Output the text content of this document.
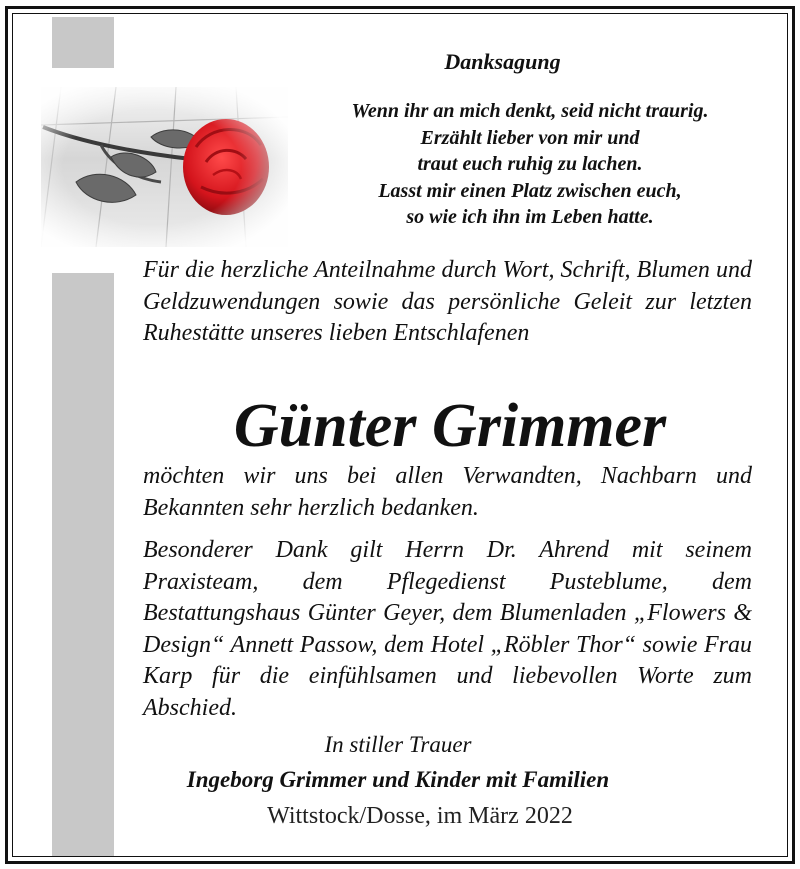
Danksagung
Wenn ihr an mich denkt, seid nicht traurig.
Erzählt lieber von mir und
traut euch ruhig zu lachen.
Lasst mir einen Platz zwischen euch,
so wie ich ihn im Leben hatte.
Für die herzliche Anteilnahme durch Wort, Schrift, Blumen und Geldzuwendungen sowie das persönliche Geleit zur letzten Ruhestätte unseres lieben Entschlafenen
Günter Grimmer
möchten wir uns bei allen Verwandten, Nachbarn und Bekannten sehr herzlich bedanken.
Besonderer Dank gilt Herrn Dr. Ahrend mit seinem Praxisteam, dem Pflegedienst Pusteblume, dem Bestattungshaus Günter Geyer, dem Blumenladen „Flowers & Design“ Annett Passow, dem Hotel „Röbler Thor“ sowie Frau Karp für die einfühlsamen und liebevollen Worte zum Abschied.
In stiller Trauer
Ingeborg Grimmer und Kinder mit Familien
Wittstock/Dosse, im März 2022
